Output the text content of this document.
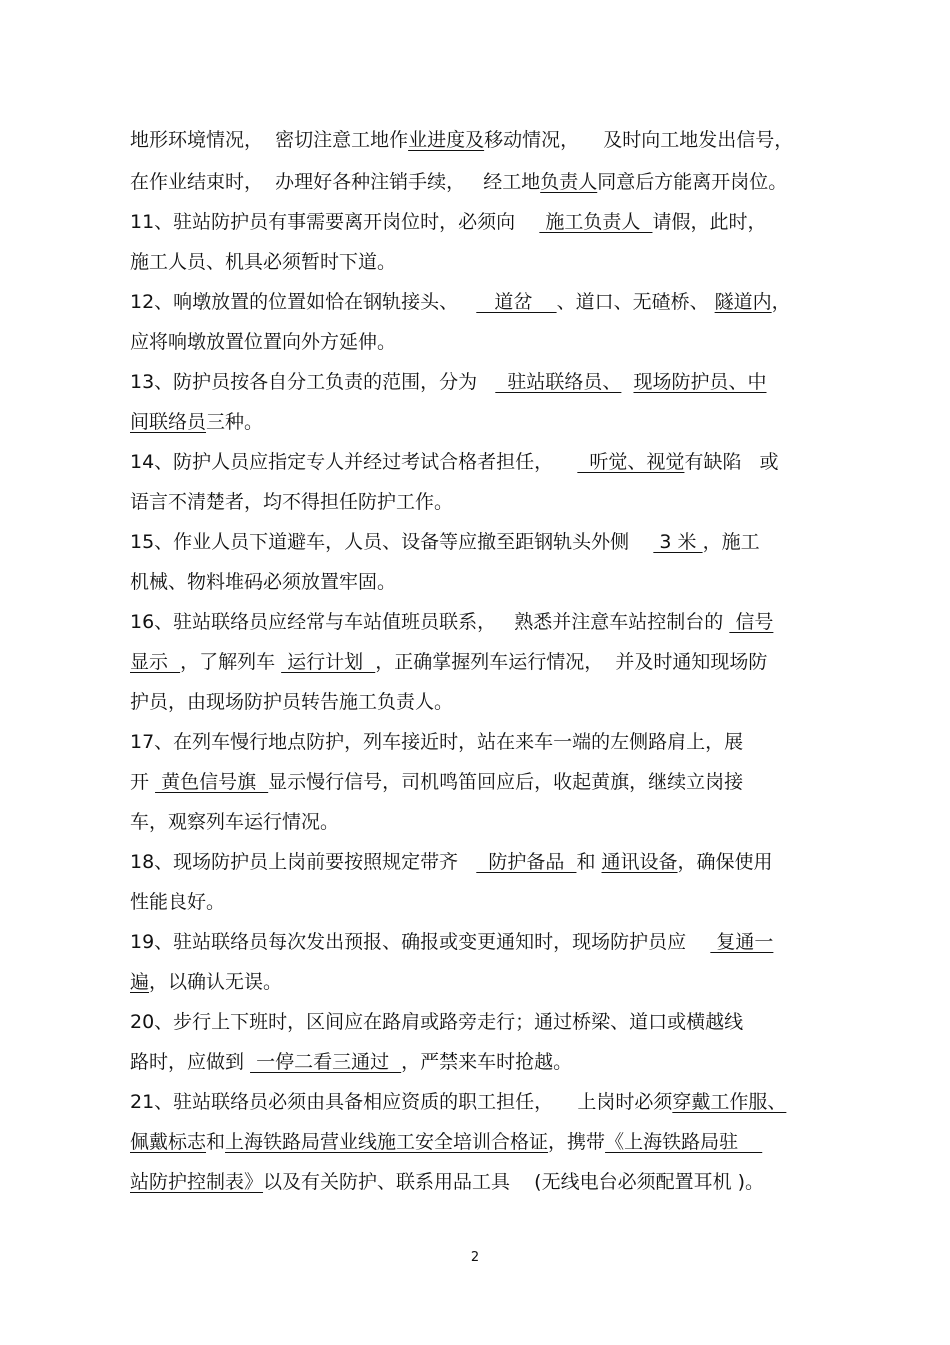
地形环境情况，  密切注意工地作业进度及移动情况，    及时向工地发出信号，
在作业结束时，  办理好各种注销手续，   经工地负责人同意后方能离开岗位。
11、驻站防护员有事需要离开岗位时，必须向     施工负责人  请假，此时，
施工人员、机具必须暂时下道。
12、响墩放置的位置如恰在钢轨接头、      道岔    、道口、无碴桥、 隧道内，
应将响墩放置位置向外方延伸。
13、防护员按各自分工负责的范围，分为     驻站联络员、 现场防护员、中
间联络员三种。
14、防护人员应指定专人并经过考试合格者担任，      听觉、视觉有缺陷   或
语言不清楚者，均不得担任防护工作。
15、作业人员下道避车，人员、设备等应撤至距钢轨头外侧     3 米 ，施工
机械、物料堆码必须放置牢固。
16、驻站联络员应经常与车站值班员联系，   熟悉并注意车站控制台的  信号
显示  ，了解列车  运行计划  ，正确掌握列车运行情况，  并及时通知现场防
护员，由现场防护员转告施工负责人。
17、在列车慢行地点防护，列车接近时，站在来车一端的左侧路肩上，展
开  黄色信号旗  显示慢行信号，司机鸣笛回应后，收起黄旗，继续立岗接
车，观察列车运行情况。
18、现场防护员上岗前要按照规定带齐     防护备品  和 通讯设备，确保使用
性能良好。
19、驻站联络员每次发出预报、确报或变更通知时，现场防护员应     复通一
遍，以确认无误。
20、步行上下班时，区间应在路肩或路旁走行；通过桥梁、道口或横越线
路时，应做到  一停二看三通过  ，严禁来车时抢越。
21、驻站联络员必须由具备相应资质的职工担任，    上岗时必须穿戴工作服、
佩戴标志和上海铁路局营业线施工安全培训合格证，携带《上海铁路局驻
站防护控制表》以及有关防护、联系用品工具    (无线电台必须配置耳机 )。
2
